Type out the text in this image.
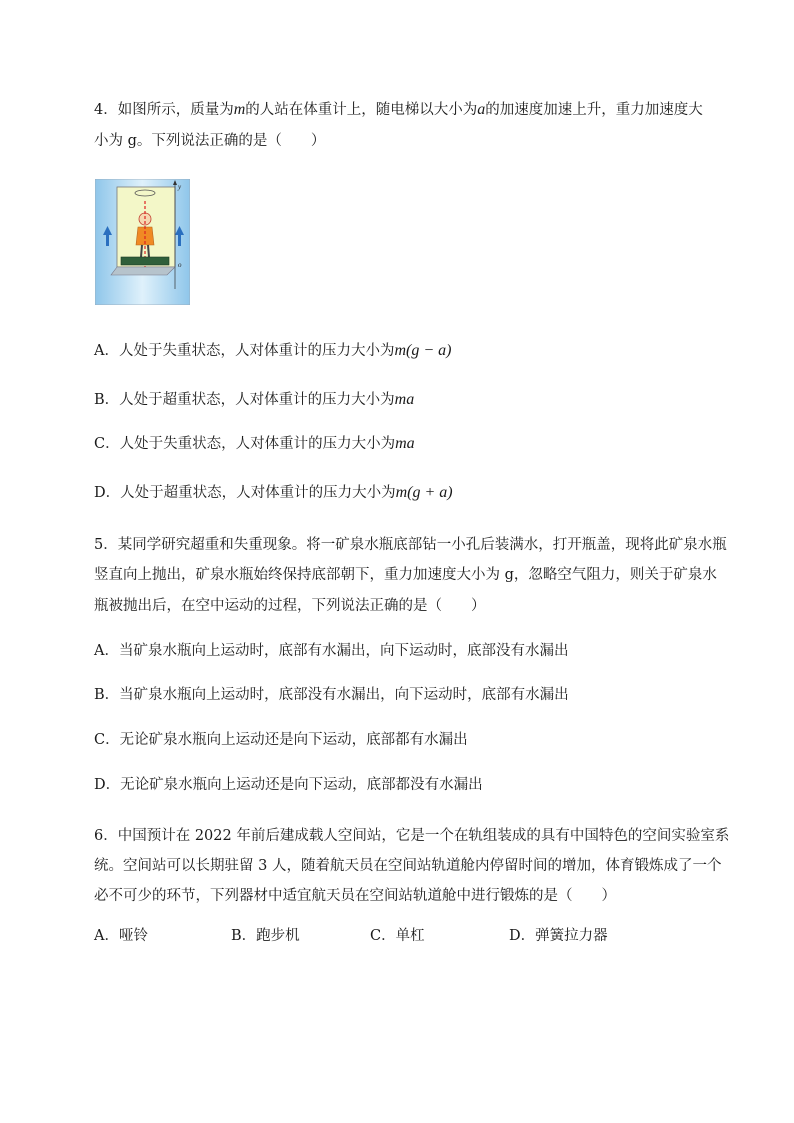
4．如图所示，质量为m的人站在体重计上，随电梯以大小为a的加速度加速上升，重力加速度大
小为 g。下列说法正确的是（　　）
y
o
A．人处于失重状态，人对体重计的压力大小为m(g − a)
B．人处于超重状态，人对体重计的压力大小为ma
C．人处于失重状态，人对体重计的压力大小为ma
D．人处于超重状态，人对体重计的压力大小为m(g + a)
5．某同学研究超重和失重现象。将一矿泉水瓶底部钻一小孔后装满水，打开瓶盖，现将此矿泉水瓶
竖直向上抛出，矿泉水瓶始终保持底部朝下，重力加速度大小为 g，忽略空气阻力，则关于矿泉水
瓶被抛出后，在空中运动的过程，下列说法正确的是（　　）
A．当矿泉水瓶向上运动时，底部有水漏出，向下运动时，底部没有水漏出
B．当矿泉水瓶向上运动时，底部没有水漏出，向下运动时，底部有水漏出
C．无论矿泉水瓶向上运动还是向下运动，底部都有水漏出
D．无论矿泉水瓶向上运动还是向下运动，底部都没有水漏出
6．中国预计在 2022 年前后建成载人空间站，它是一个在轨组装成的具有中国特色的空间实验室系
统。空间站可以长期驻留 3 人，随着航天员在空间站轨道舱内停留时间的增加，体育锻炼成了一个
必不可少的环节，下列器材中适宜航天员在空间站轨道舱中进行锻炼的是（　　）
A．哑铃	B．跑步机	C．单杠	D．弹簧拉力器
